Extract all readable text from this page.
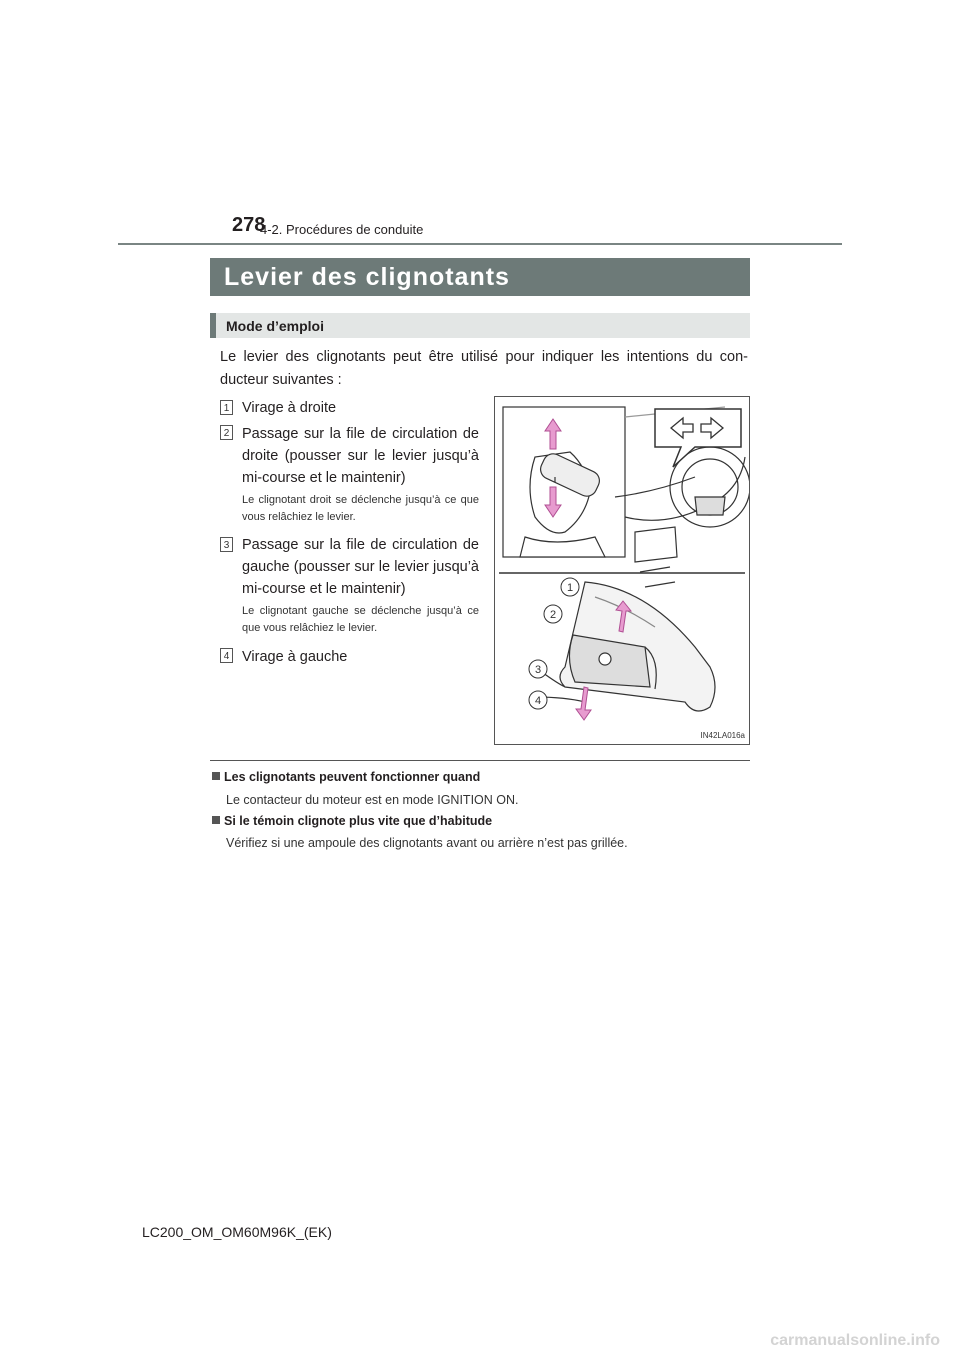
278
4-2. Procédures de conduite
Levier des clignotants
Mode d’emploi
Le levier des clignotants peut être utilisé pour indiquer les intentions du con-ducteur suivantes :
1 Virage à droite
2 Passage sur la file de circulation de droite (pousser sur le levier jusqu’à mi-course et le maintenir)
Le clignotant droit se déclenche jusqu’à ce que vous relâchiez le levier.
3 Passage sur la file de circulation de gauche (pousser sur le levier jusqu’à mi-course et le maintenir)
Le clignotant gauche se déclenche jusqu’à ce que vous relâchiez le levier.
4 Virage à gauche
1
2
3
4
IN42LA016a
Les clignotants peuvent fonctionner quand
Le contacteur du moteur est en mode IGNITION ON.
Si le témoin clignote plus vite que d’habitude
Vérifiez si une ampoule des clignotants avant ou arrière n’est pas grillée.
LC200_OM_OM60M96K_(EK)
carmanualsonline.info
